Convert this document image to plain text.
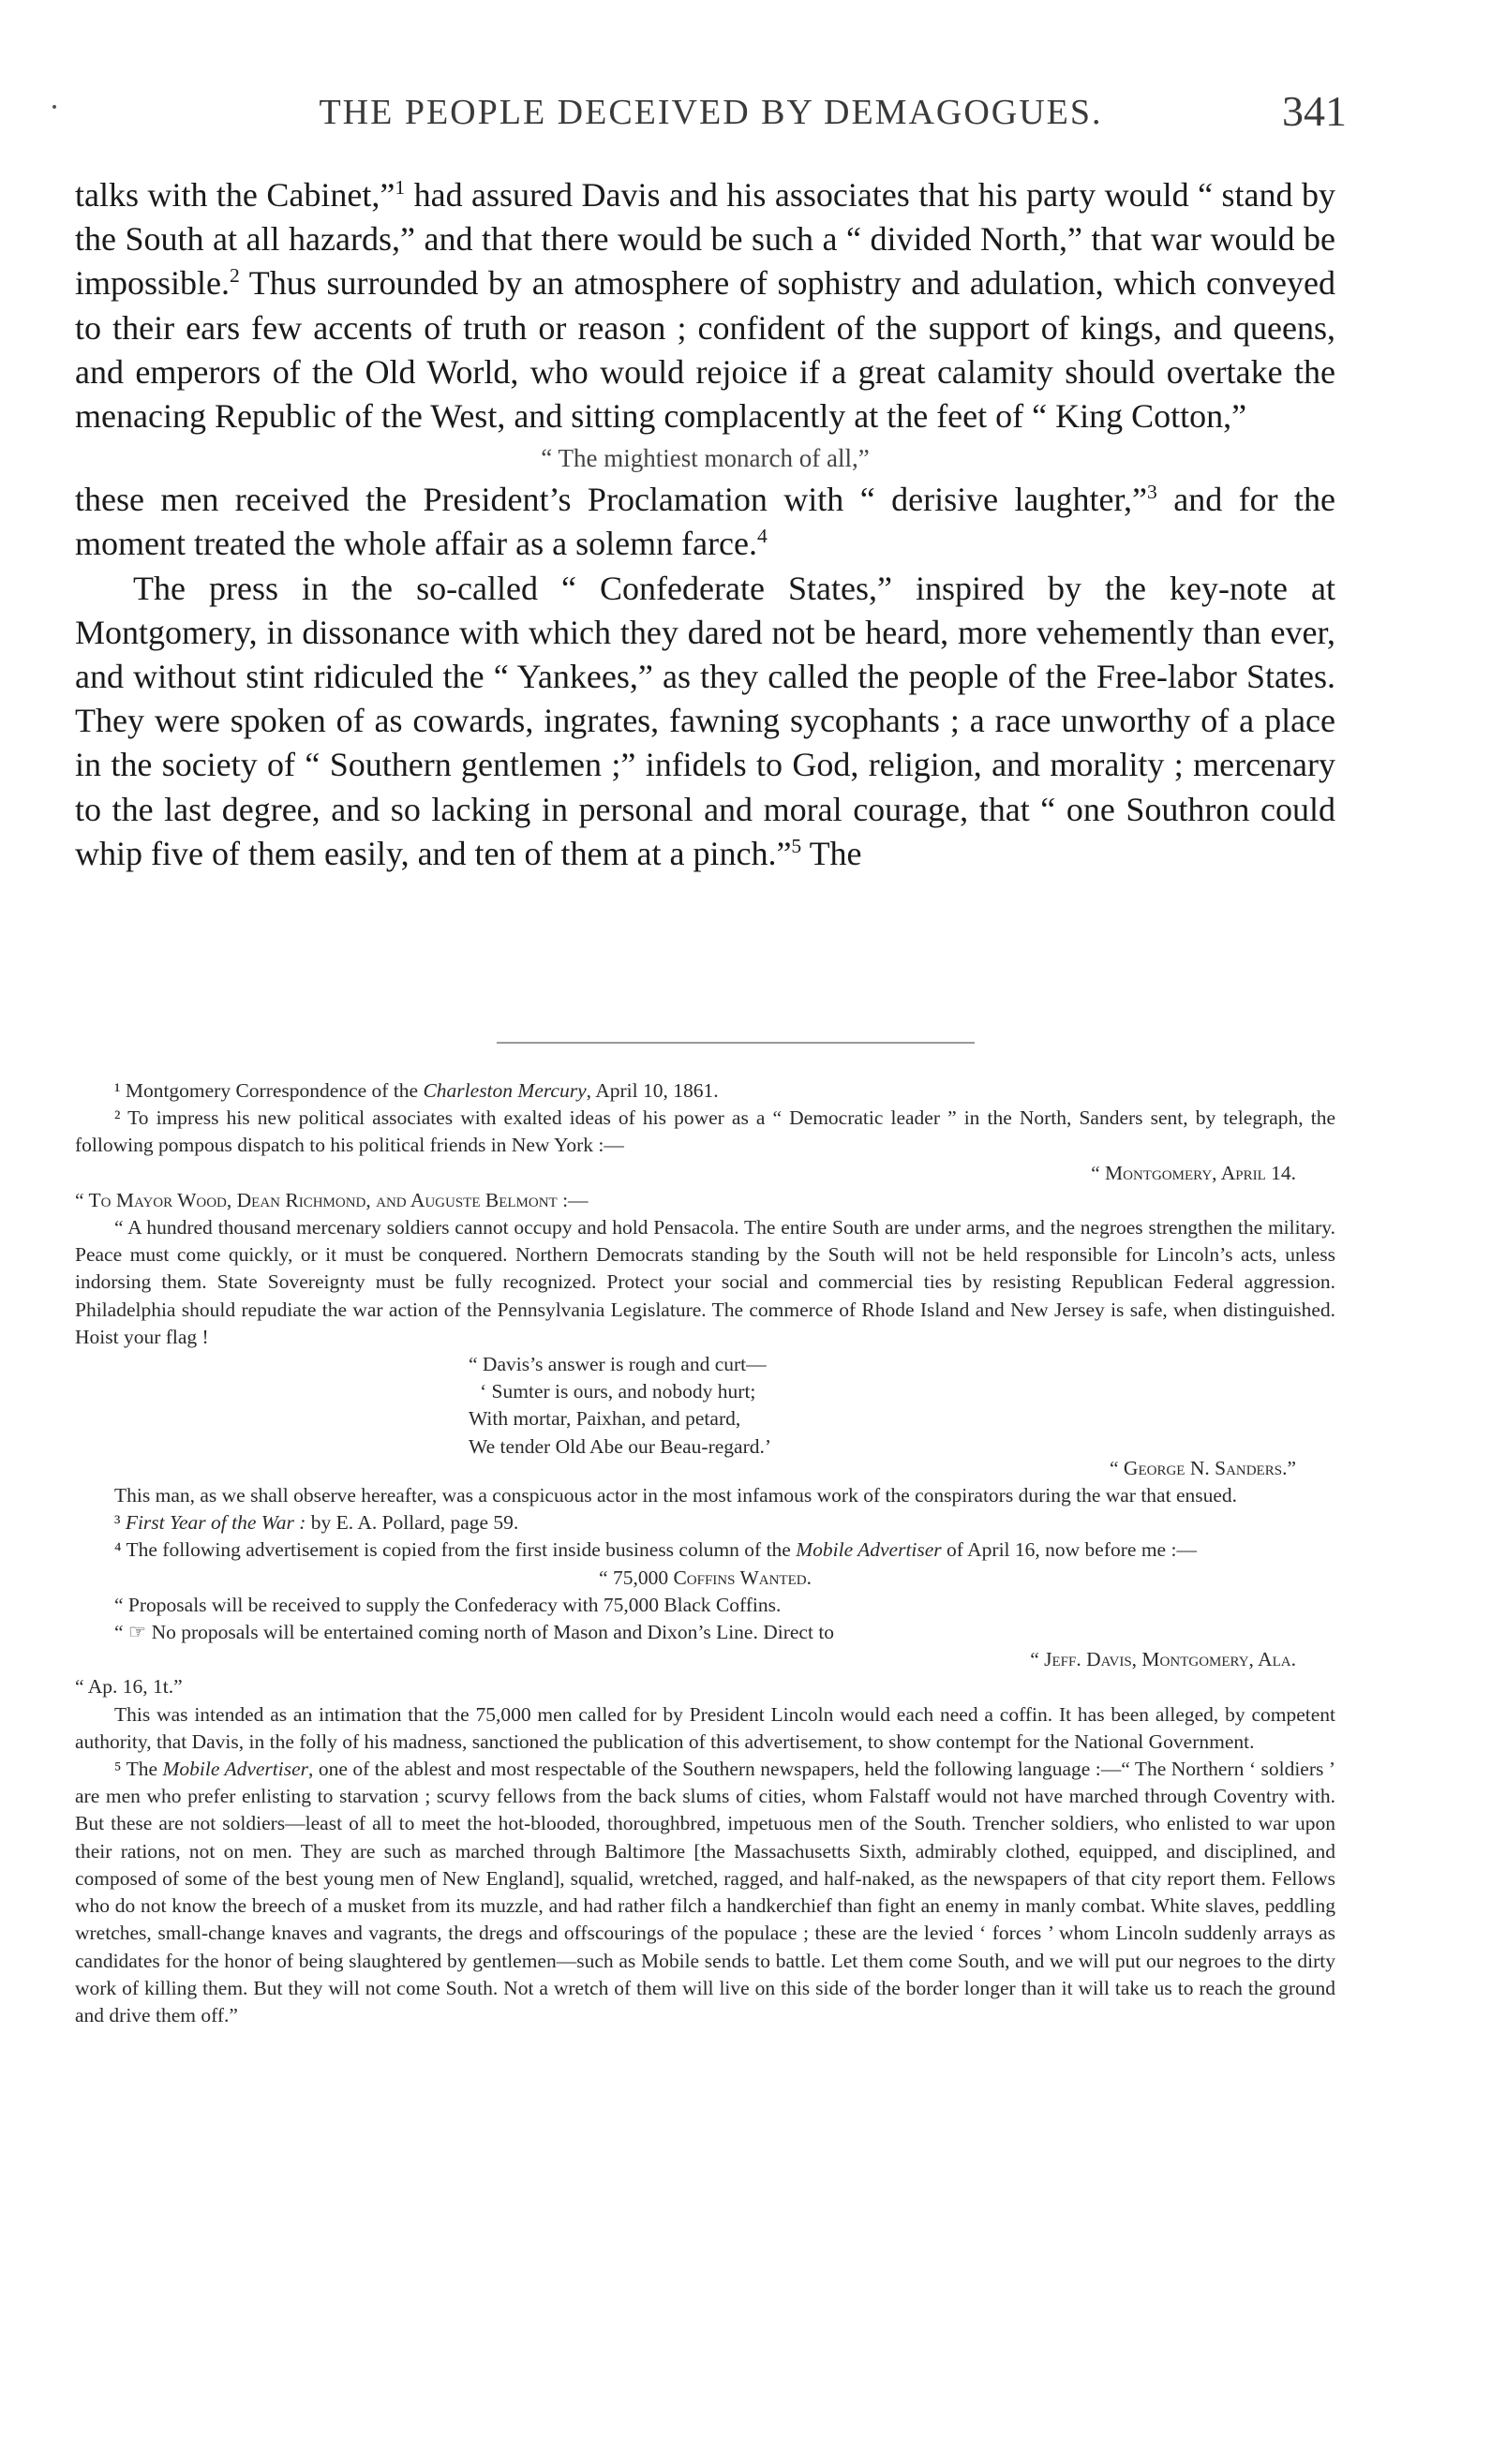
THE PEOPLE DECEIVED BY DEMAGOGUES.	341

talks with the Cabinet,”$^1$ had assured Davis and his associates that his party would “ stand by the South at all hazards,” and that there would be such a “ divided North,” that war would be impossible.$^2$ Thus surrounded by an atmosphere of sophistry and adulation, which conveyed to their ears few accents of truth or reason ; confident of the support of kings, and queens, and emperors of the Old World, who would rejoice if a great calamity should overtake the menacing Republic of the West, and sitting complacently at the feet of “ King Cotton,”

“ The mightiest monarch of all,”

these men received the President’s Proclamation with “ derisive laughter,”$^3$ and for the moment treated the whole affair as a solemn farce.$^4$

The press in the so-called “ Confederate States,” inspired by the key-note at Montgomery, in dissonance with which they dared not be heard, more vehemently than ever, and without stint ridiculed the “ Yankees,” as they called the people of the Free-labor States. They were spoken of as cowards, ingrates, fawning sycophants ; a race unworthy of a place in the society of “ Southern gentlemen ;” infidels to God, religion, and morality ; mercenary to the last degree, and so lacking in personal and moral courage, that “ one Southron could whip five of them easily, and ten of them at a pinch.”$^5$ The

¹ Montgomery Correspondence of the Charleston Mercury, April 10, 1861.

² To impress his new political associates with exalted ideas of his power as a “ Democratic leader ” in the North, Sanders sent, by telegraph, the following pompous dispatch to his political friends in New York :—

“ Montgomery, April 14.

“ To Mayor Wood, Dean Richmond, and Auguste Belmont :—

“ A hundred thousand mercenary soldiers cannot occupy and hold Pensacola. The entire South are under arms, and the negroes strengthen the military. Peace must come quickly, or it must be conquered. Northern Democrats standing by the South will not be held responsible for Lincoln’s acts, unless indorsing them. State Sovereignty must be fully recognized. Protect your social and commercial ties by resisting Republican Federal aggression. Philadelphia should repudiate the war action of the Pennsylvania Legislature. The commerce of Rhode Island and New Jersey is safe, when distinguished. Hoist your flag !

“ Davis’s answer is rough and curt—

‘ Sumter is ours, and nobody hurt;

With mortar, Paixhan, and petard,

We tender Old Abe our Beau-regard.’

“ George N. Sanders.”

This man, as we shall observe hereafter, was a conspicuous actor in the most infamous work of the conspirators during the war that ensued.

³ First Year of the War : by E. A. Pollard, page 59.

⁴ The following advertisement is copied from the first inside business column of the Mobile Advertiser of April 16, now before me :—

“ 75,000 Coffins Wanted.

“ Proposals will be received to supply the Confederacy with 75,000 Black Coffins.

“ ☞ No proposals will be entertained coming north of Mason and Dixon’s Line. Direct to

“ Jeff. Davis, Montgomery, Ala.

“ Ap. 16, 1t.”

This was intended as an intimation that the 75,000 men called for by President Lincoln would each need a coffin. It has been alleged, by competent authority, that Davis, in the folly of his madness, sanctioned the publication of this advertisement, to show contempt for the National Government.

⁵ The Mobile Advertiser, one of the ablest and most respectable of the Southern newspapers, held the following language :—“ The Northern ‘ soldiers ’ are men who prefer enlisting to starvation ; scurvy fellows from the back slums of cities, whom Falstaff would not have marched through Coventry with. But these are not soldiers—least of all to meet the hot-blooded, thoroughbred, impetuous men of the South. Trencher soldiers, who enlisted to war upon their rations, not on men. They are such as marched through Baltimore [the Massachusetts Sixth, admirably clothed, equipped, and disciplined, and composed of some of the best young men of New England], squalid, wretched, ragged, and half-naked, as the newspapers of that city report them. Fellows who do not know the breech of a musket from its muzzle, and had rather filch a handkerchief than fight an enemy in manly combat. White slaves, peddling wretches, small-change knaves and vagrants, the dregs and offscourings of the populace ; these are the levied ‘ forces ’ whom Lincoln suddenly arrays as candidates for the honor of being slaughtered by gentlemen—such as Mobile sends to battle. Let them come South, and we will put our negroes to the dirty work of killing them. But they will not come South. Not a wretch of them will live on this side of the border longer than it will take us to reach the ground and drive them off.”
